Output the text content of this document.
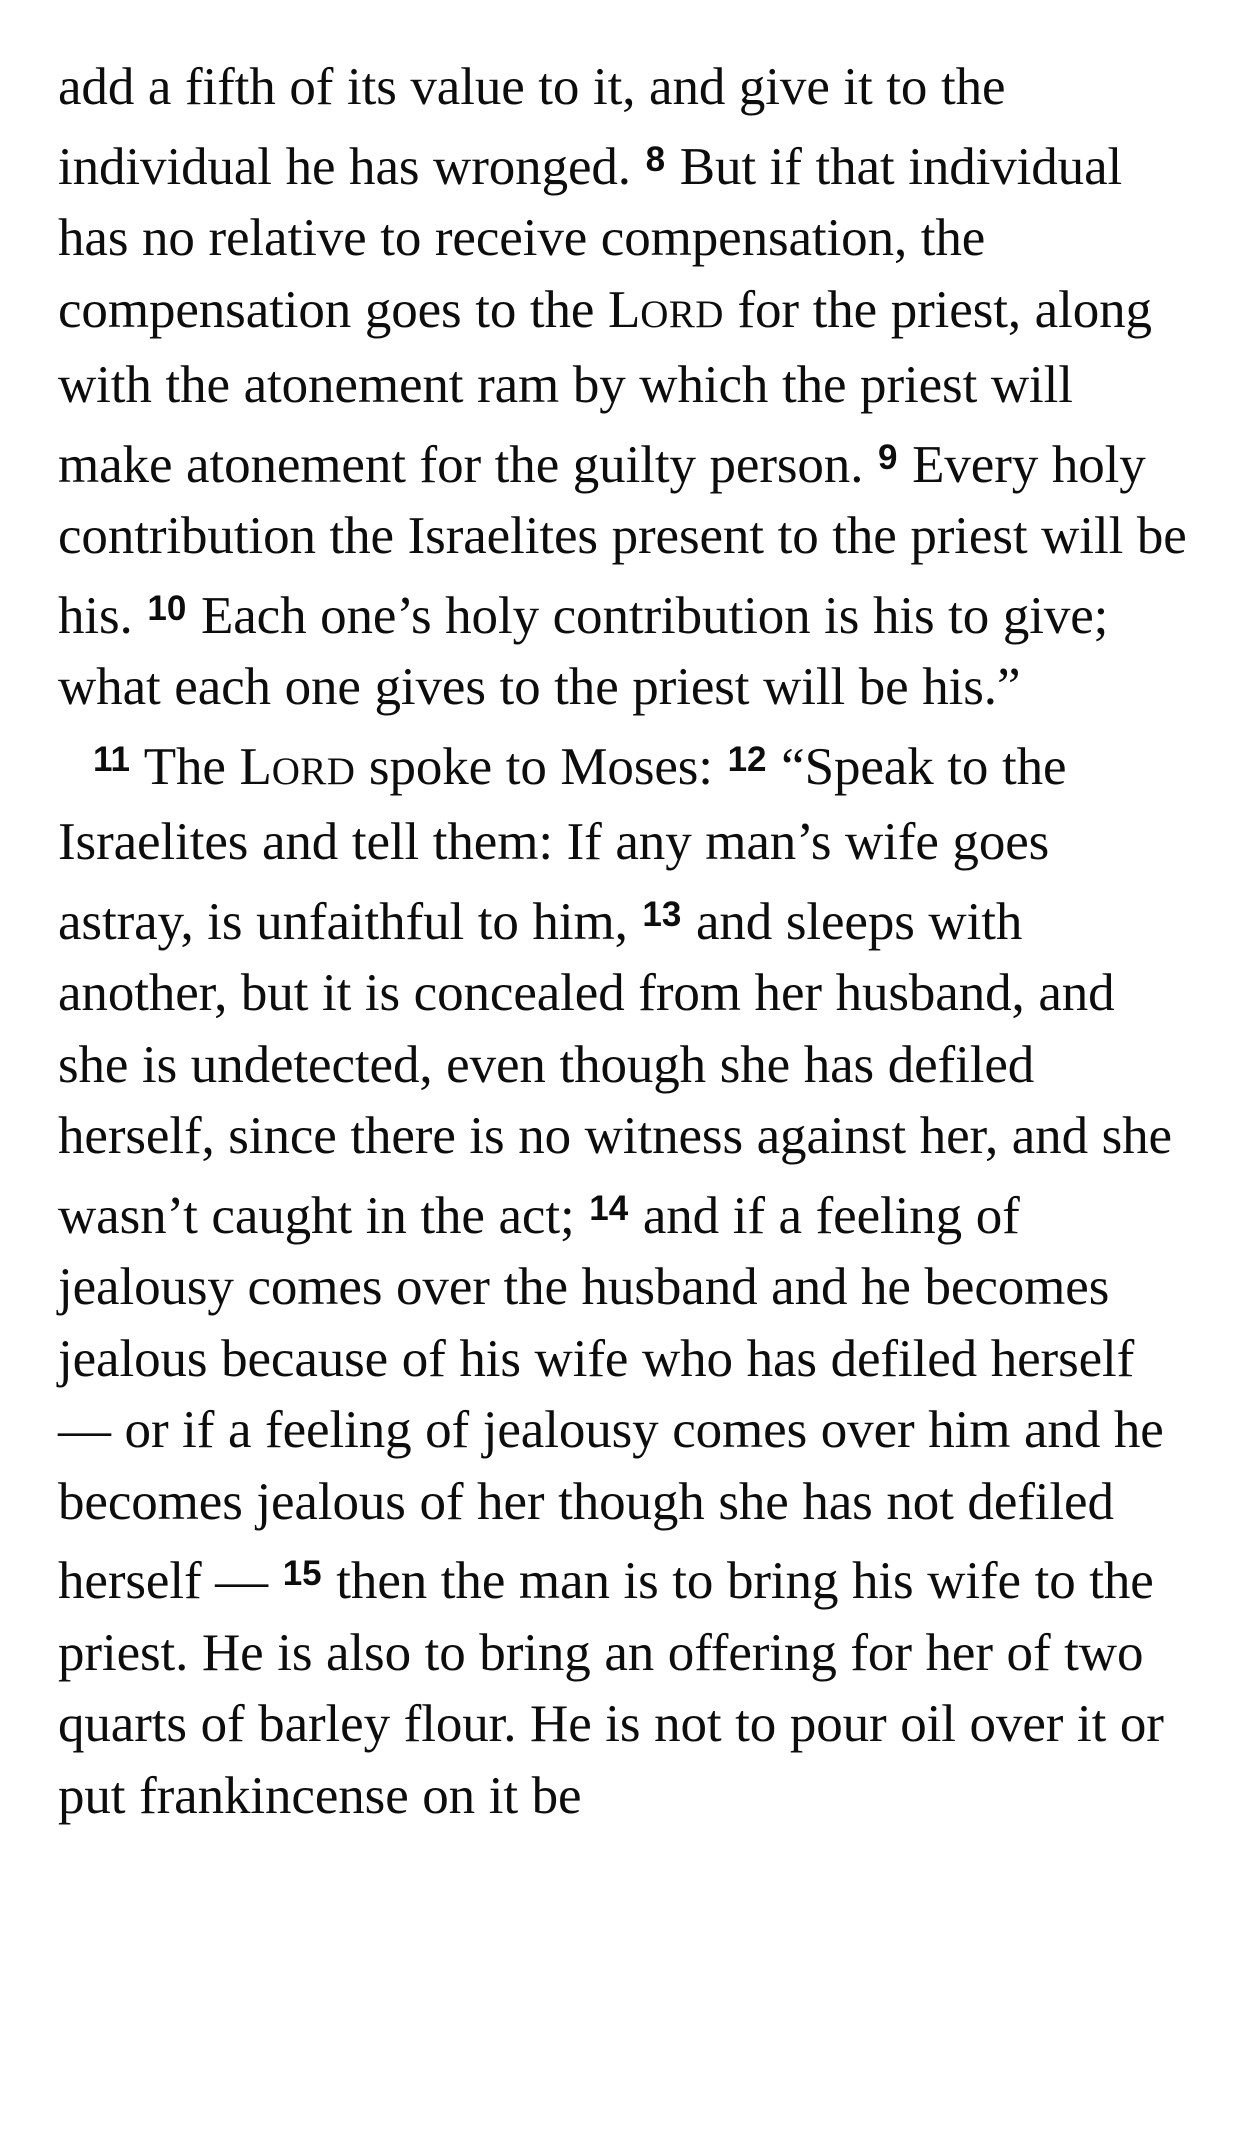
add a fifth of its value to it, and give it to the individual he has wronged. $^8$ But if that individual has no relative to receive compensation, the compensation goes to the LORD for the priest, along with the atonement ram by which the priest will make atonement for the guilty person. $^9$ Every holy contribution the Israelites present to the priest will be his. $^{10}$ Each one’s holy contribution is his to give; what each one gives to the priest will be his.”

$^{11}$ The LORD spoke to Moses: $^{12}$ “Speak to the Israelites and tell them: If any man’s wife goes astray, is unfaithful to him, $^{13}$ and sleeps with another, but it is concealed from her husband, and she is undetected, even though she has defiled herself, since there is no witness against her, and she wasn’t caught in the act; $^{14}$ and if a feeling of jealousy comes over the husband and he becomes jealous because of his wife who has defiled herself — or if a feeling of jealousy comes over him and he becomes jealous of her though she has not defiled herself — $^{15}$ then the man is to bring his wife to the priest. He is also to bring an offering for her of two quarts of barley flour. He is not to pour oil over it or put frankincense on it be
